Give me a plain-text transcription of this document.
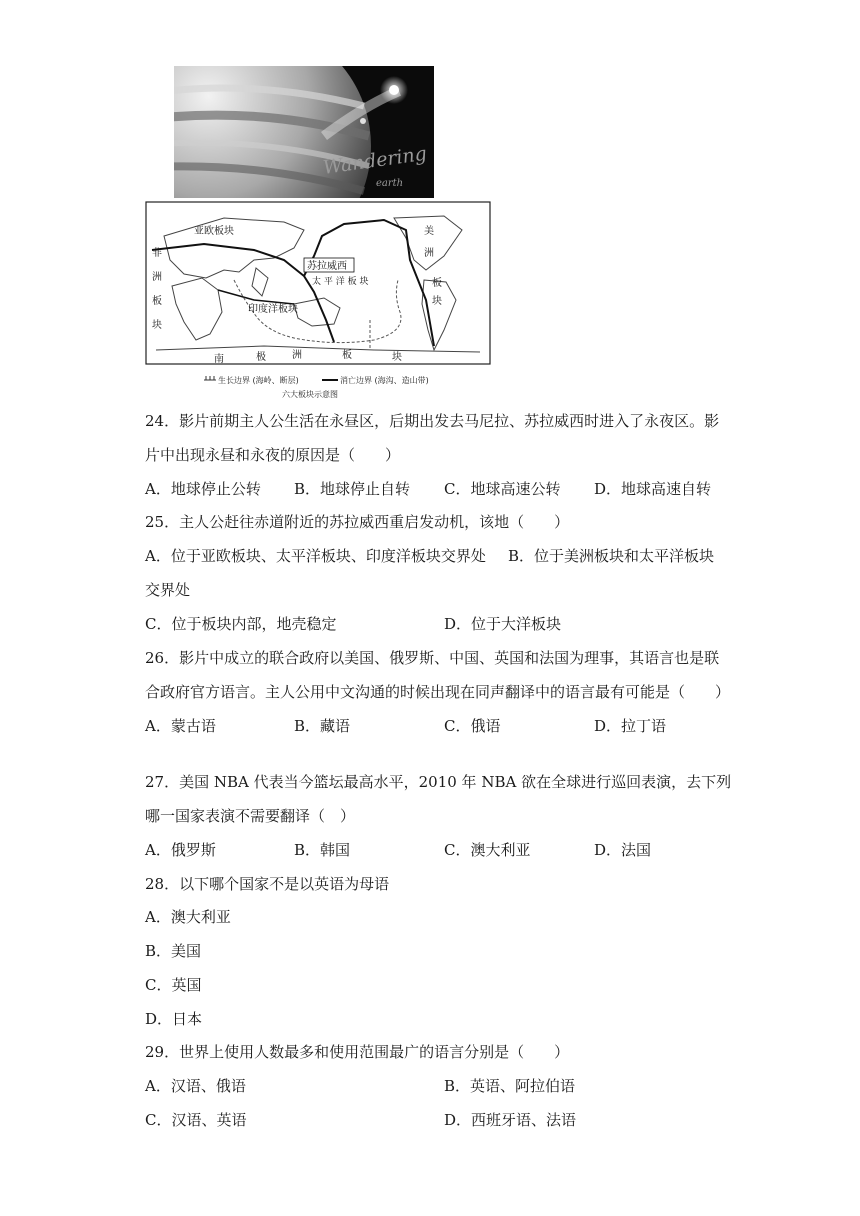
Wandering
earth
亚欧板块
非
洲
板
块
美
洲
板
块
苏拉威西
太 平 洋 板 块
印度洋板块
南	极	洲	板	块
生长边界 (海岭、断层)	消亡边界 (海沟、造山带)
六大板块示意图
24．影片前期主人公生活在永昼区，后期出发去马尼拉、苏拉威西时进入了永夜区。影
片中出现永昼和永夜的原因是（　　）
A．地球停止公转 B．地球停止自转 C．地球高速公转 D．地球高速自转
25．主人公赶往赤道附近的苏拉威西重启发动机，该地（　　）
A．位于亚欧板块、太平洋板块、印度洋板块交界处 B．位于美洲板块和太平洋板块
交界处
C．位于板块内部，地壳稳定	D．位于大洋板块
26．影片中成立的联合政府以美国、俄罗斯、中国、英国和法国为理事，其语言也是联
合政府官方语言。主人公用中文沟通的时候出现在同声翻译中的语言最有可能是（　　）
A．蒙古语	B．藏语	C．俄语	D．拉丁语
27．美国 NBA 代表当今篮坛最高水平，2010 年 NBA 欲在全球进行巡回表演，去下列
哪一国家表演不需要翻译（　）
A．俄罗斯	B．韩国	C．澳大利亚	D．法国
28．以下哪个国家不是以英语为母语
A．澳大利亚
B．美国
C．英国
D．日本
29．世界上使用人数最多和使用范围最广的语言分别是（　　）
A．汉语、俄语	B．英语、阿拉伯语
C．汉语、英语	D．西班牙语、法语
